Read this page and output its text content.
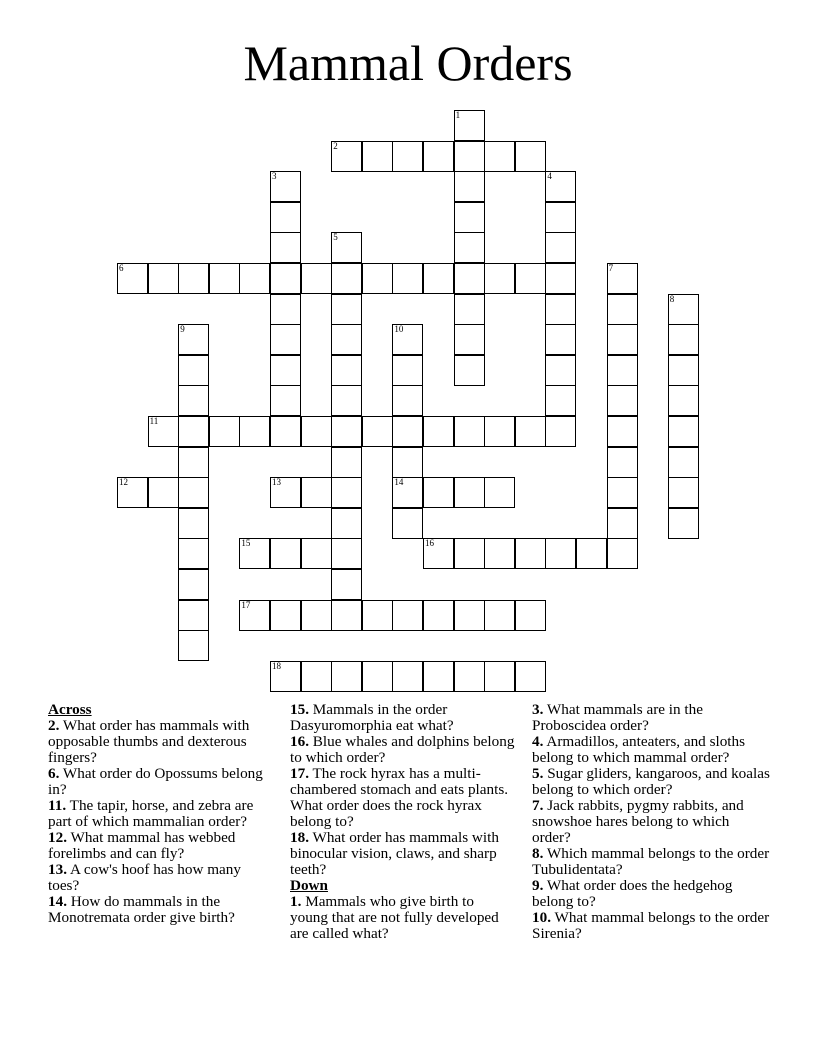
Mammal Orders
1
2
3	4
5
6	7
8
9	10
14
11
12	13
15	16
17
18
Across

2. What order has mammals with opposable thumbs and dexterous fingers?

6. What order do Opossums belong in?

11. The tapir, horse, and zebra are part of which mammalian order?

12. What mammal has webbed forelimbs and can fly?

13. A cow's hoof has how many toes?

14. How do mammals in the Monotremata order give birth?

15. Mammals in the order Dasyuromorphia eat what?

16. Blue whales and dolphins belong to which order?

17. The rock hyrax has a multi-chambered stomach and eats plants. What order does the rock hyrax belong to?

18. What order has mammals with binocular vision, claws, and sharp teeth?

Down

1. Mammals who give birth to young that are not fully developed are called what?

3. What mammals are in the Proboscidea order?

4. Armadillos, anteaters, and sloths belong to which mammal order?

5. Sugar gliders, kangaroos, and koalas belong to which order?

7. Jack rabbits, pygmy rabbits, and snowshoe hares belong to which order?

8. Which mammal belongs to the order Tubulidentata?

9. What order does the hedgehog belong to?

10. What mammal belongs to the order Sirenia?
